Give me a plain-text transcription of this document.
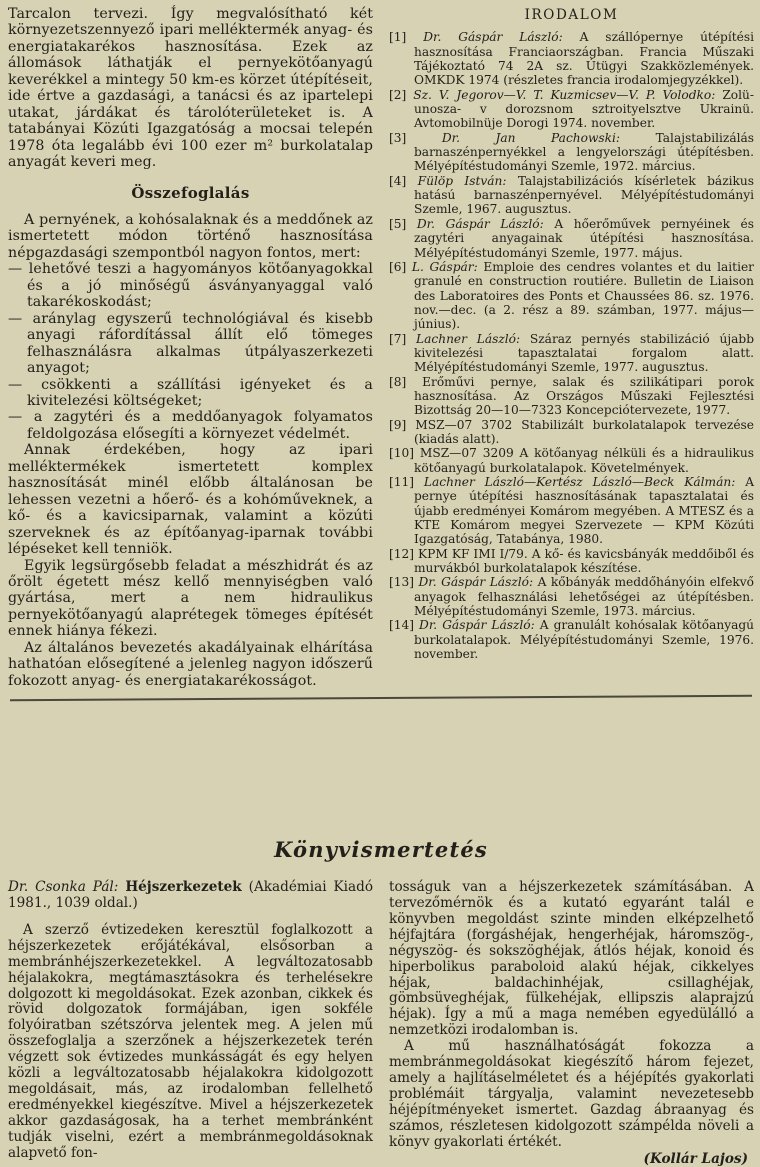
Tarcalon tervezi. Így megvalósítható két környezetszennyező ipari melléktermék anyag- és energiatakarékos hasznosítása. Ezek az állomások láthatják el pernyekötőanyagú keverékkel a mintegy 50 km-es körzet útépítéseit, ide értve a gazdasági, a tanácsi és az ipartelepi utakat, járdákat és tárolóterületeket is. A tatabányai Közúti Igazgatóság a mocsai telepén 1978 óta legalább évi 100 ezer m² burkolatalap anyagát keveri meg.

Összefoglalás

A pernyének, a kohósalaknak és a meddőnek az ismertetett módon történő hasznosítása népgazdasági szempontból nagyon fontos, mert:

— lehetővé teszi a hagyományos kötőanyagokkal és a jó minőségű ásványanyaggal való takarékoskodást;
— aránylag egyszerű technológiával és kisebb anyagi ráfordítással állít elő tömeges felhasználásra alkalmas útpályaszerkezeti anyagot;
— csökkenti a szállítási igényeket és a kivitelezési költségeket;
— a zagytéri és a meddőanyagok folyamatos feldolgozása elősegíti a környezet védelmét.

Annak érdekében, hogy az ipari melléktermékek ismertetett komplex hasznosítását minél előbb általánosan be lehessen vezetni a hőerő- és a kohóműveknek, a kő- és a kavicsiparnak, valamint a közúti szerveknek és az építőanyag-iparnak további lépéseket kell tenniök.

Egyik legsürgősebb feladat a mészhidrát és az őrölt égetett mész kellő mennyiségben való gyártása, mert a nem hidraulikus pernyekötőanyagú alaprétegek tömeges építését ennek hiánya fékezi.

Az általános bevezetés akadályainak elhárítása hathatóan elősegítené a jelenleg nagyon időszerű fokozott anyag- és energiatakarékosságot.

IRODALOM
[1] Dr. Gáspár László: A szállópernye útépítési hasznosítása Franciaországban. Francia Műszaki Tájékoztató 74 2A sz. Útügyi Szakközlemények. OMKDK 1974 (részletes francia irodalomjegyzékkel).
[2] Sz. V. Jegorov—V. T. Kuzmicsev—V. P. Volodko: Zolü-unosza- v dorozsnom sztroityelsztve Ukrainü. Avtomobilnüje Dorogi 1974. november.
[3]	Dr. Jan Pachowski:	Talajstabilizálás barnaszénpernyékkel a lengyelországi útépítésben. Mélyépítéstudományi Szemle, 1972. március.
[4] Fülöp István: Talajstabilizációs kísérletek bázikus hatású barnaszénpernyével. Mélyépítéstudományi Szemle, 1967. augusztus.
[5] Dr. Gáspár László: A hőerőművek pernyéinek és zagytéri anyagainak útépítési hasznosítása. Mélyépítéstudományi Szemle, 1977. május.
[6] L. Gáspár: Emploie des cendres volantes et du laitier granulé en construction routiére. Bulletin de Liaison des Laboratoires des Ponts et Chaussées 86. sz. 1976. nov.—dec. (a 2. rész a 89. számban, 1977. május—június).
[7] Lachner László: Száraz pernyés stabilizáció újabb kivitelezési tapasztalatai forgalom alatt. Mélyépítéstudományi Szemle, 1977. augusztus.
[8] Erőművi pernye, salak és szilikátipari porok hasznosítása. Az Országos Műszaki Fejlesztési Bizottság 20—10—7323 Koncepciótervezete, 1977.
[9] MSZ—07 3702 Stabilizált burkolatalapok tervezése (kiadás alatt).
[10] MSZ—07 3209 A kötőanyag nélküli és a hidraulikus kötőanyagú burkolatalapok. Követelmények.
[11] Lachner László—Kertész László—Beck Kálmán: A pernye útépítési hasznosításának tapasztalatai és újabb eredményei Komárom megyében. A MTESZ és a KTE Komárom megyei Szervezete — KPM Közúti Igazgatóság, Tatabánya, 1980.
[12] KPM KF IMI I/79. A kő- és kavicsbányák meddőiből és murvákból burkolatalapok készítése.
[13] Dr. Gáspár László: A kőbányák meddőhányóin elfekvő anyagok felhasználási lehetőségei az útépítésben. Mélyépítéstudományi Szemle, 1973. március.
[14] Dr. Gáspár László: A granulált kohósalak kötőanyagú burkolatalapok. Mélyépítéstudományi Szemle, 1976. november.
Könyvismertetés

Dr. Csonka Pál: Héjszerkezetek (Akadémiai Kiadó 1981., 1039 oldal.)

A szerző évtizedeken keresztül foglalkozott a héjszerkezetek erőjátékával, elsősorban a membránhéjszerkezetekkel. A legváltozatosabb héjalakokra, megtámasztásokra és terhelésekre dolgozott ki megoldásokat. Ezek azonban, cikkek és rövid dolgozatok formájában, igen sokféle folyóiratban szétszórva jelentek meg. A jelen mű összefoglalja a szerzőnek a héjszerkezetek terén végzett sok évtizedes munkásságát és egy helyen közli a legváltozatosabb héjalakokra kidolgozott megoldásait, más, az irodalomban fellelhető eredményekkel kiegészítve. Mivel a héjszerkezetek akkor gazdaságosak, ha a terhet membránként tudják viselni, ezért a membránmegoldásoknak alapvető fon-

tosságuk van a héjszerkezetek számításában. A tervezőmérnök és a kutató egyaránt talál e könyvben megoldást szinte minden elképzelhető héjfajtára (forgáshéjak, hengerhéjak, háromszög-, négyszög- és sokszöghéjak, átlós héjak, konoid és hiperbolikus paraboloid alakú héjak, cikkelyes héjak, baldachinhéjak, csillaghéjak, gömbsüveghéjak, fülkehéjak, ellipszis alaprajzú héjak). Így a mű a maga nemében egyedülálló a nemzetközi irodalomban is.

A mű használhatóságát fokozza a membránmegoldásokat kiegészítő három fejezet, amely a hajlításelméletet és a héjépítés gyakorlati problémáit tárgyalja, valamint nevezetesebb héjépítményeket ismertet. Gazdag ábraanyag és számos, részletesen kidolgozott számpélda növeli a könyv gyakorlati értékét.

(Kollár Lajos)
